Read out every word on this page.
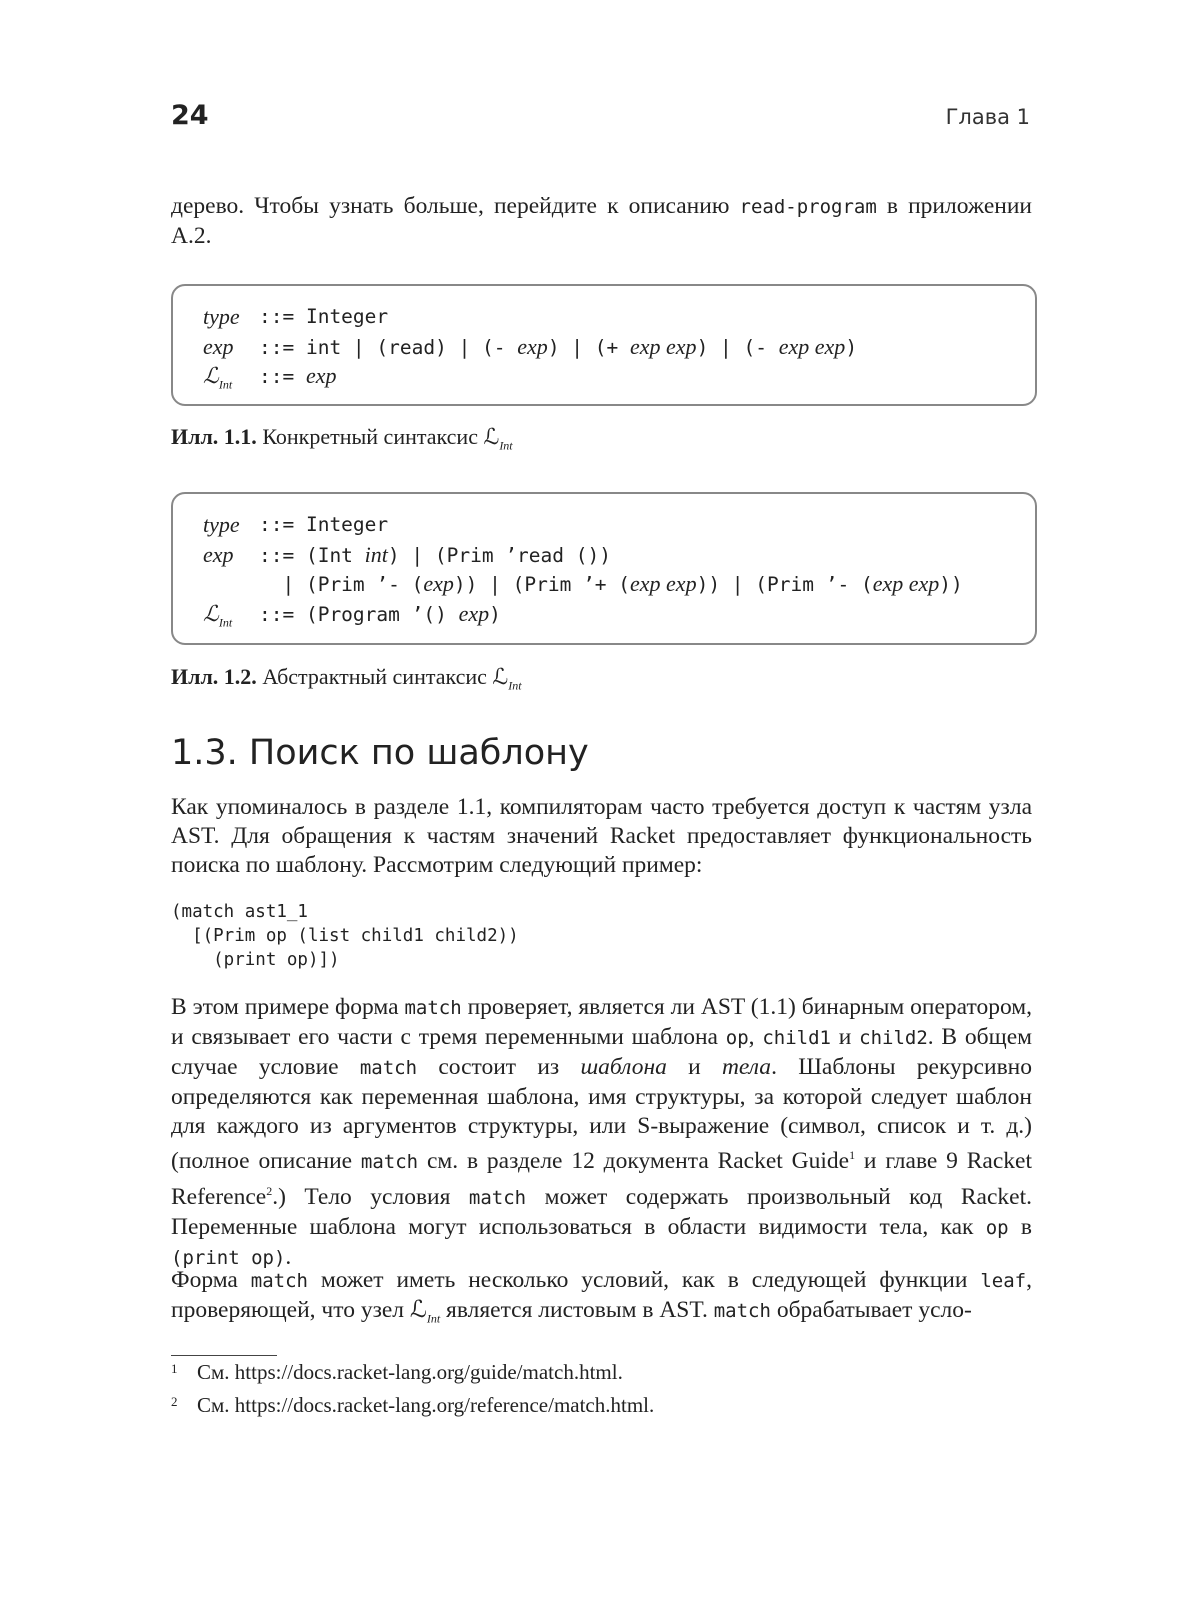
24	Глава 1

дерево. Чтобы узнать больше, перейдите к описанию read-program в приложении A.2.

type ::= Integer
exp	::= int | (read) | (- exp) | (+ exp exp) | (- exp exp)
ℒ$_{Int}$	::= exp

Илл. 1.1. Конкретный синтаксис ℒ$_{Int}$

type ::= Integer
exp	::= (Int int) | (Prim ’read ())
| (Prim ’- (exp)) | (Prim ’+ (exp exp)) | (Prim ’- (exp exp))
ℒ$_{Int}$	::= (Program ’() exp)

Илл. 1.2. Абстрактный синтаксис ℒ$_{Int}$

1.3. Поиск по шаблону

Как упоминалось в разделе 1.1, компиляторам часто требуется доступ к частям узла AST. Для обращения к частям значений Racket предоставляет функциональность поиска по шаблону. Рассмотрим следующий пример:

(match ast1_1
[(Prim op (list child1 child2))
(print op)])

В этом примере форма match проверяет, является ли AST (1.1) бинарным оператором, и связывает его части с тремя переменными шаблона op, child1 и child2. В общем случае условие match состоит из шаблона и тела. Шаблоны рекурсивно определяются как переменная шаблона, имя структуры, за которой следует шаблон для каждого из аргументов структуры, или S-выражение (символ, список и т. д.) (полное описание match см. в разделе 12 документа Racket Guide$^1$ и главе 9 Racket Reference$^2$.) Тело условия match может содержать произвольный код Racket. Переменные шаблона могут использоваться в области видимости тела, как op в (print op).

Форма match может иметь несколько условий, как в следующей функции leaf, проверяющей, что узел ℒ$_{Int}$ является листовым в AST. match обрабатывает усло-

1 См. https://docs.racket-lang.org/guide/match.html.

2 См. https://docs.racket-lang.org/reference/match.html.
